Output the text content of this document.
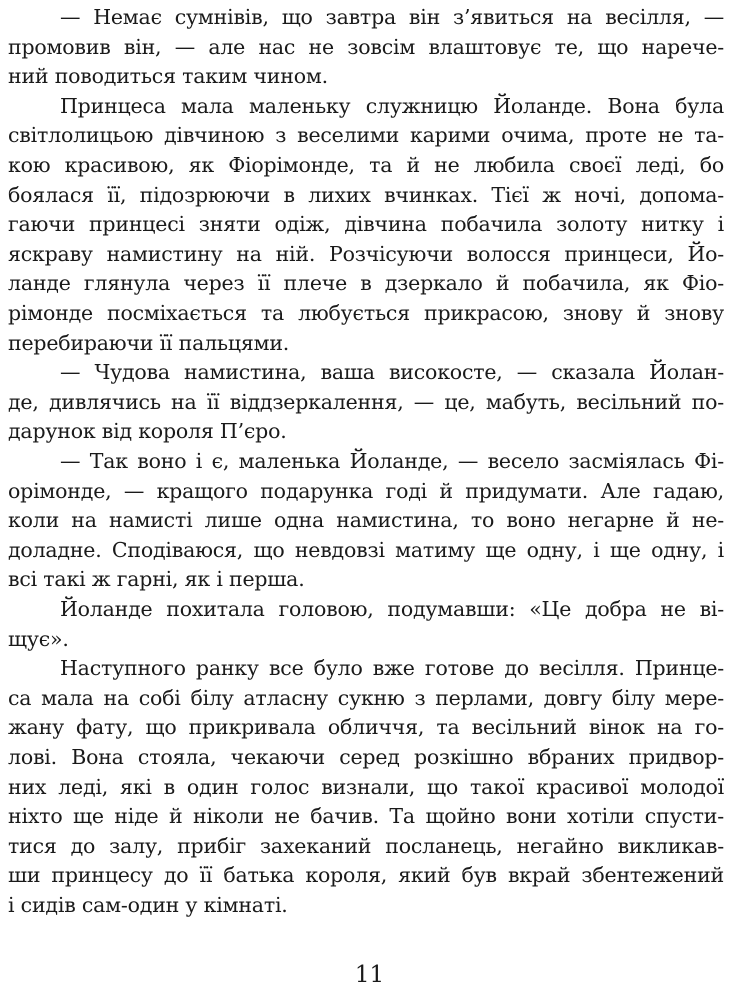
— Немає сумнівів, що завтра він з’явиться на весілля, —
промовив він, — але нас не зовсім влаштовує те, що нарече-
ний поводиться таким чином.
Принцеса мала маленьку служницю Йоланде. Вона була
світлолицьою дівчиною з веселими карими очима, проте не та-
кою красивою, як Фіорімонде, та й не любила своєї леді, бо
боялася її, підозрюючи в лихих вчинках. Тієї ж ночі, допома-
гаючи принцесі зняти одіж, дівчина побачила золоту нитку і
яскраву намистину на ній. Розчісуючи волосся принцеси, Йо-
ланде глянула через її плече в дзеркало й побачила, як Фіо-
рімонде посміхається та любується прикрасою, знову й знову
перебираючи її пальцями.
— Чудова намистина, ваша високосте, — сказала Йолан-
де, дивлячись на її віддзеркалення, — це, мабуть, весільний по-
дарунок від короля П’єро.
— Так воно і є, маленька Йоланде, — весело засміялась Фі-
орімонде, — кращого подарунка годі й придумати. Але гадаю,
коли на намисті лише одна намистина, то воно негарне й не-
доладне. Сподіваюся, що невдовзі матиму ще одну, і ще одну, і
всі такі ж гарні, як і перша.
Йоланде похитала головою, подумавши: «Це добра не ві-
щує».
Наступного ранку все було вже готове до весілля. Принце-
са мала на собі білу атласну сукню з перлами, довгу білу мере-
жану фату, що прикривала обличчя, та весільний вінок на го-
лові. Вона стояла, чекаючи серед розкішно вбраних придвор-
них леді, які в один голос визнали, що такої красивої молодої
ніхто ще ніде й ніколи не бачив. Та щойно вони хотіли спусти-
тися до залу, прибіг захеканий посланець, негайно викликав-
ши принцесу до її батька короля, який був вкрай збентежений
і сидів сам-один у кімнаті.
11
